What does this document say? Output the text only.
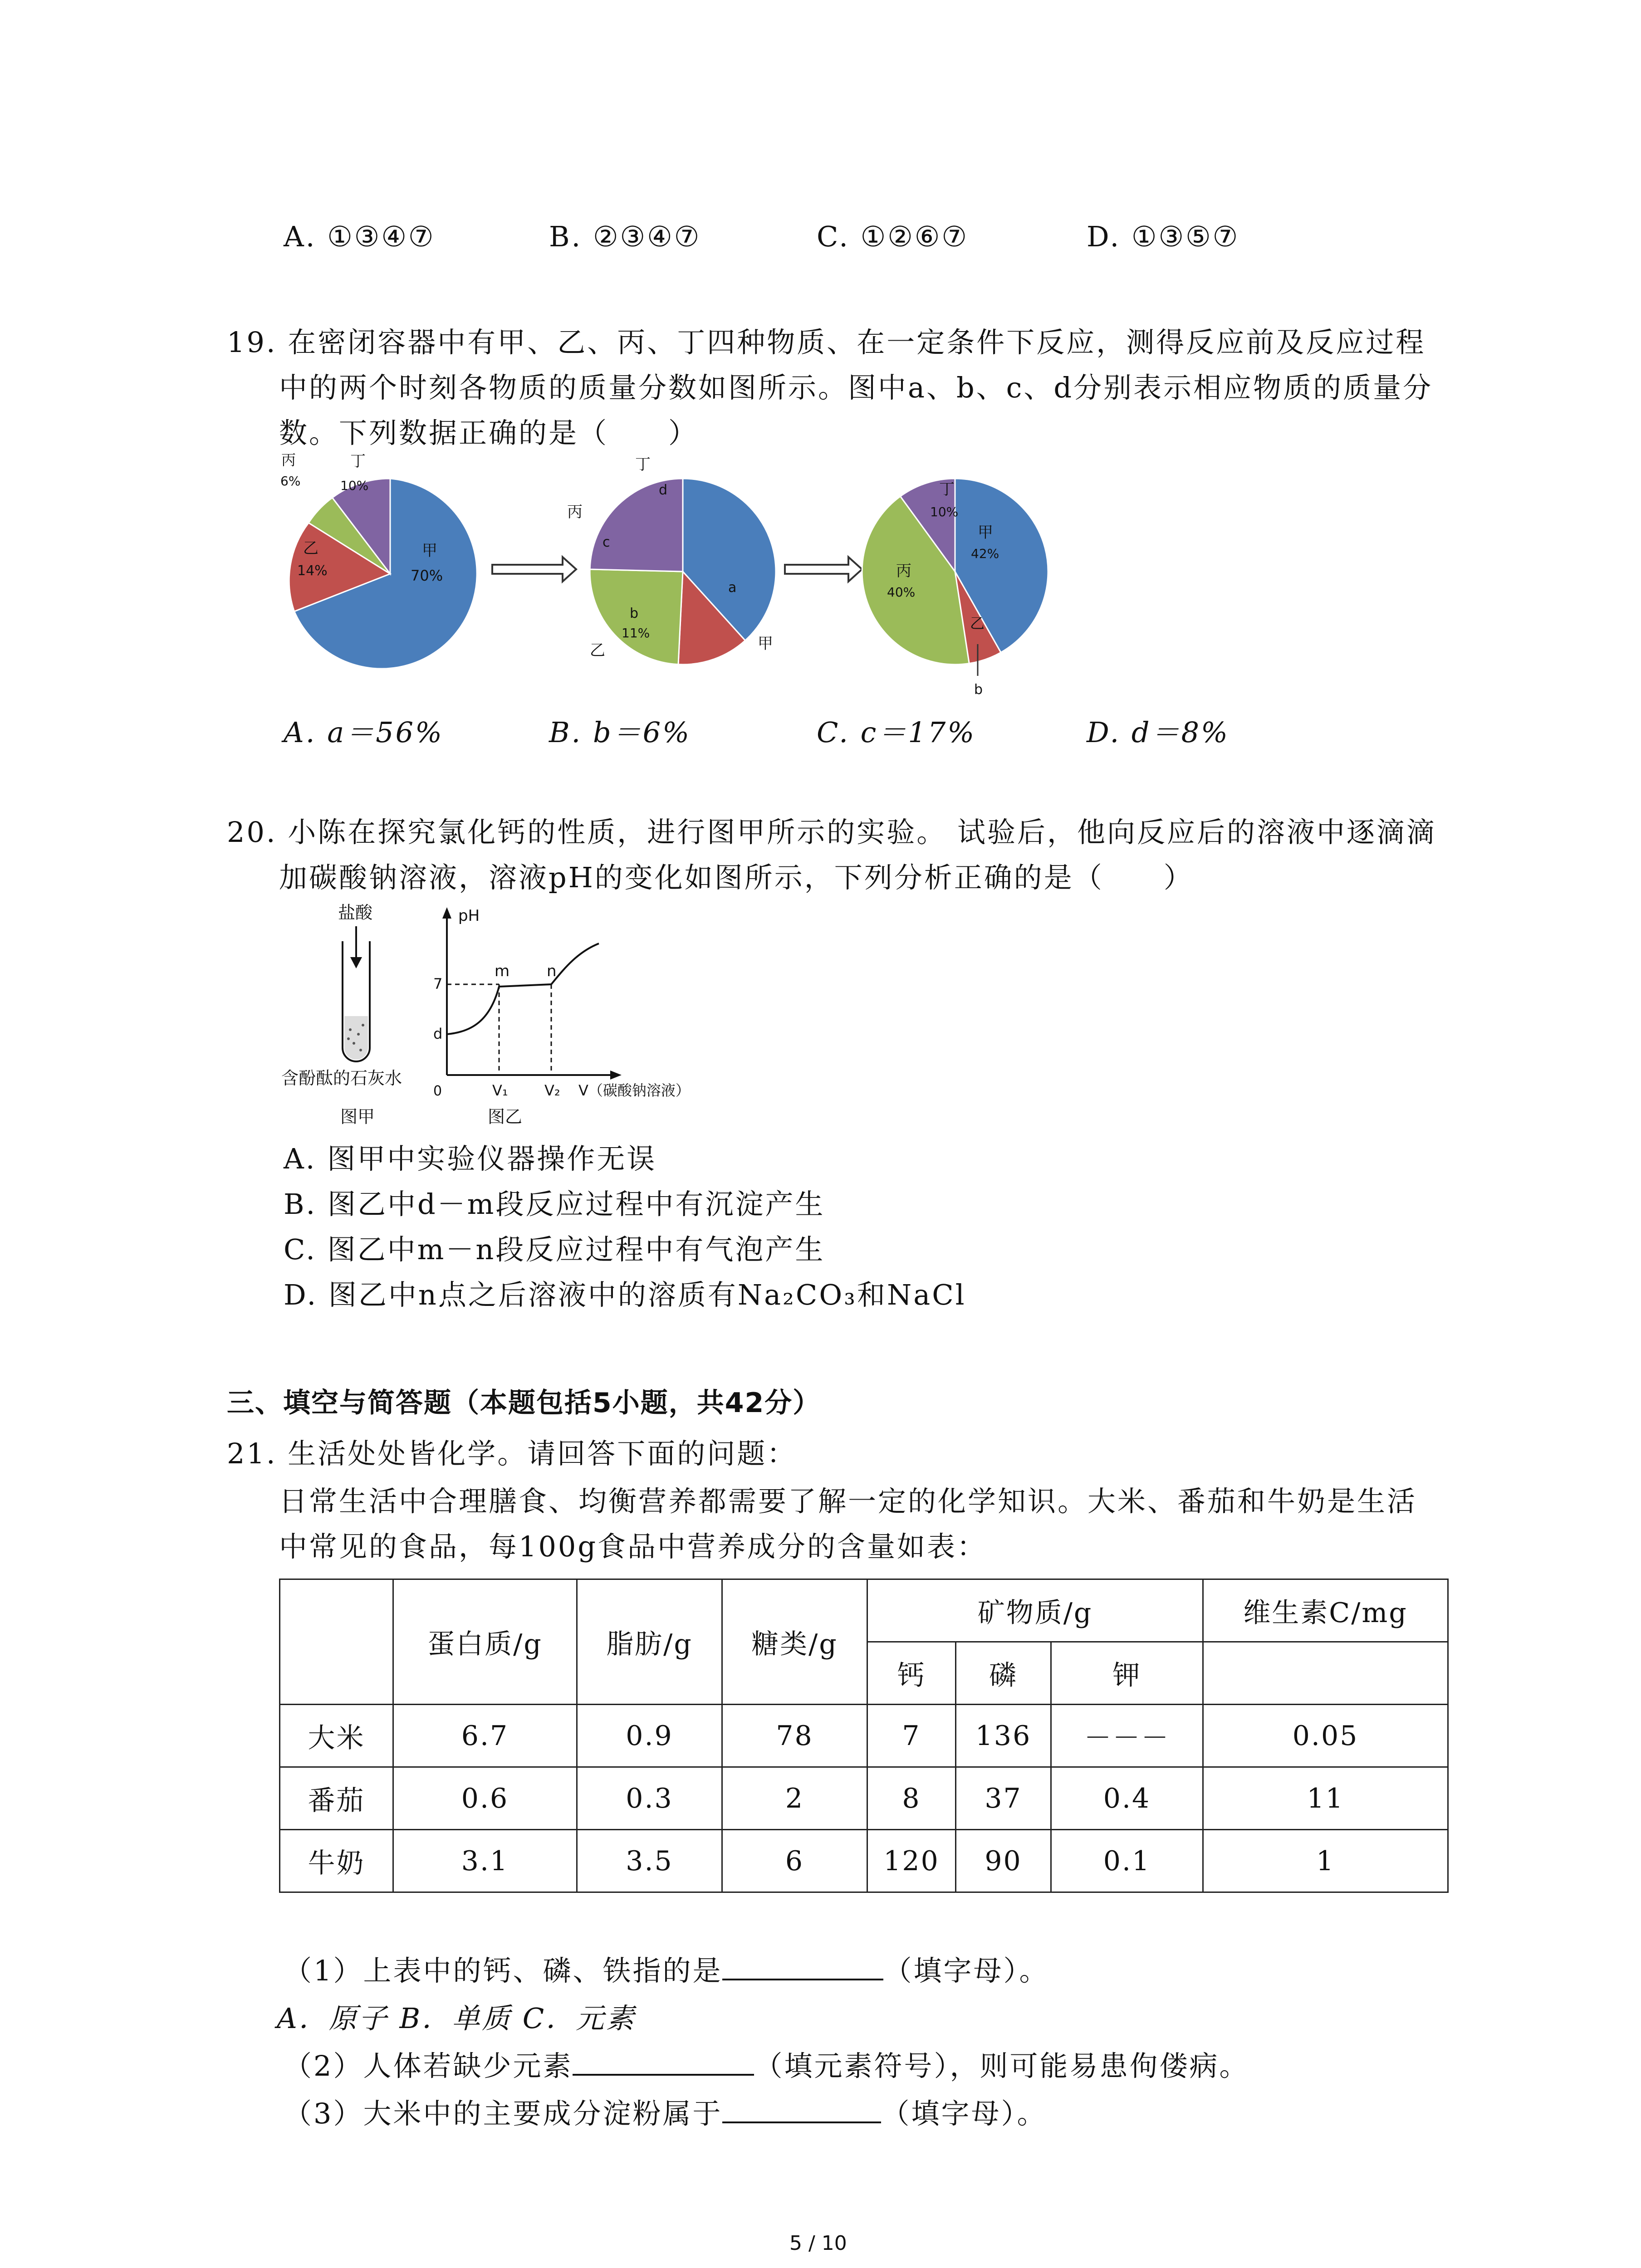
A. ①③④⑦	B. ②③④⑦	C. ①②⑥⑦	D. ①③⑤⑦
19. 在密闭容器中有甲、乙、丙、丁四种物质、在一定条件下反应，测得反应前及反应过程
中的两个时刻各物质的质量分数如图所示。图中a、b、c、d分别表示相应物质的质量分
数。下列数据正确的是（　　）
甲
70%
乙
14%
丙
6%
丁
10%
a
b
11%
c
d
丙
丁
乙	甲
甲
42%
丙
40%
丁
10%
乙
b
A. a＝56%	B. b＝6%	C. c＝17%	D. d＝8%
20. 小陈在探究氯化钙的性质，进行图甲所示的实验。 试验后，他向反应后的溶液中逐滴滴
加碳酸钠溶液，溶液pH的变化如图所示，下列分析正确的是（　　）
盐酸
含酚酞的石灰水
图甲
pH
7
d
0
m n
V₁	V₂ V（碳酸钠溶液）
图乙
A. 图甲中实验仪器操作无误
B. 图乙中d－m段反应过程中有沉淀产生
C. 图乙中m－n段反应过程中有气泡产生
D. 图乙中n点之后溶液中的溶质有Na₂CO₃和NaCl
三、填空与简答题（本题包括5小题，共42分）
21. 生活处处皆化学。请回答下面的问题：
日常生活中合理膳食、均衡营养都需要了解一定的化学知识。大米、番茄和牛奶是生活
中常见的食品，每100g食品中营养成分的含量如表：
	蛋白质/g	脂肪/g	糖类/g	矿物质/g			维生素C/mg
				钙	磷	钾	
大米	6.7	0.9	78	7	136	－－－	0.05
番茄	0.6	0.3	2	8	37	0.4	11
牛奶	3.1	3.5	6	120	90	0.1	1
（1）上表中的钙、磷、铁指的是	（填字母）。
A．原子 B．单质 C．元素
（2）人体若缺少元素	（填元素符号），则可能易患佝偻病。
（3）大米中的主要成分淀粉属于	（填字母）。
5 / 10
